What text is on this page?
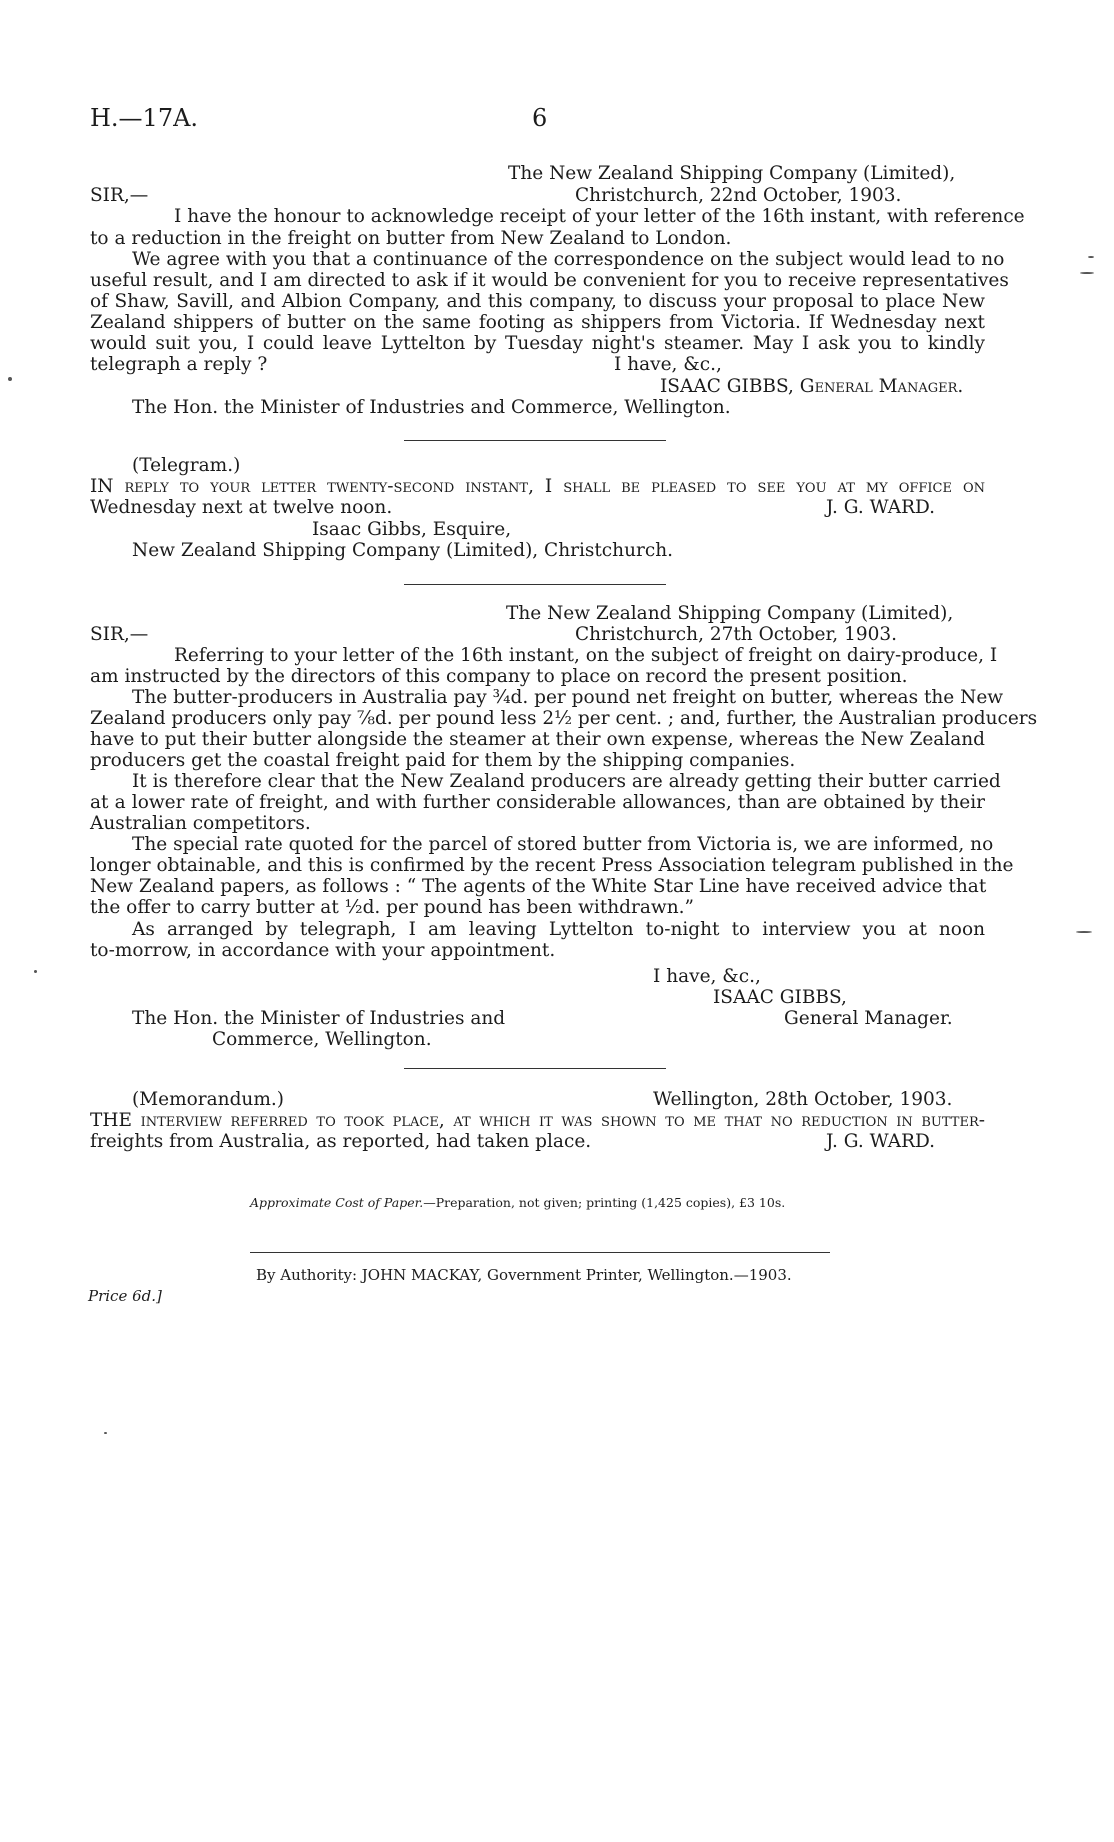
H.—17A.	6
The New Zealand Shipping Company (Limited),
SIR,—	Christchurch, 22nd October, 1903.
I have the honour to acknowledge receipt of your letter of the 16th instant, with reference
to a reduction in the freight on butter from New Zealand to London.
We agree with you that a continuance of the correspondence on the subject would lead to no
useful result, and I am directed to ask if it would be convenient for you to receive representatives
of Shaw, Savill, and Albion Company, and this company, to discuss your proposal to place New
Zealand shippers of butter on the same footing as shippers from Victoria. If Wednesday next
would suit you, I could leave Lyttelton by Tuesday night's steamer. May I ask you to kindly
telegraph a reply ?	I have, &c.,
ISAAC GIBBS, General Manager.
The Hon. the Minister of Industries and Commerce, Wellington.
(Telegram.)
IN reply to your letter twenty-second instant, I shall be pleased to see you at my office on
Wednesday next at twelve noon.	J. G. WARD.
Isaac Gibbs, Esquire,
New Zealand Shipping Company (Limited), Christchurch.
The New Zealand Shipping Company (Limited),
SIR,—	Christchurch, 27th October, 1903.
Referring to your letter of the 16th instant, on the subject of freight on dairy-produce, I
am instructed by the directors of this company to place on record the present position.
The butter-producers in Australia pay ¾d. per pound net freight on butter, whereas the New
Zealand producers only pay ⅞d. per pound less 2½ per cent. ; and, further, the Australian producers
have to put their butter alongside the steamer at their own expense, whereas the New Zealand
producers get the coastal freight paid for them by the shipping companies.
It is therefore clear that the New Zealand producers are already getting their butter carried
at a lower rate of freight, and with further considerable allowances, than are obtained by their
Australian competitors.
The special rate quoted for the parcel of stored butter from Victoria is, we are informed, no
longer obtainable, and this is confirmed by the recent Press Association telegram published in the
New Zealand papers, as follows : “ The agents of the White Star Line have received advice that
the offer to carry butter at ½d. per pound has been withdrawn.”
As arranged by telegraph, I am leaving Lyttelton to-night to interview you at noon
to-morrow, in accordance with your appointment.
I have, &c.,
ISAAC GIBBS,
The Hon. the Minister of Industries and	General Manager.
Commerce, Wellington.
(Memorandum.)	Wellington, 28th October, 1903.
THE interview referred to took place, at which it was shown to me that no reduction in butter-
freights from Australia, as reported, had taken place.	J. G. WARD.
Approximate Cost of Paper.—Preparation, not given; printing (1,425 copies), £3 10s.
By Authority: JOHN MACKAY, Government Printer, Wellington.—1903.
Price 6d.]
